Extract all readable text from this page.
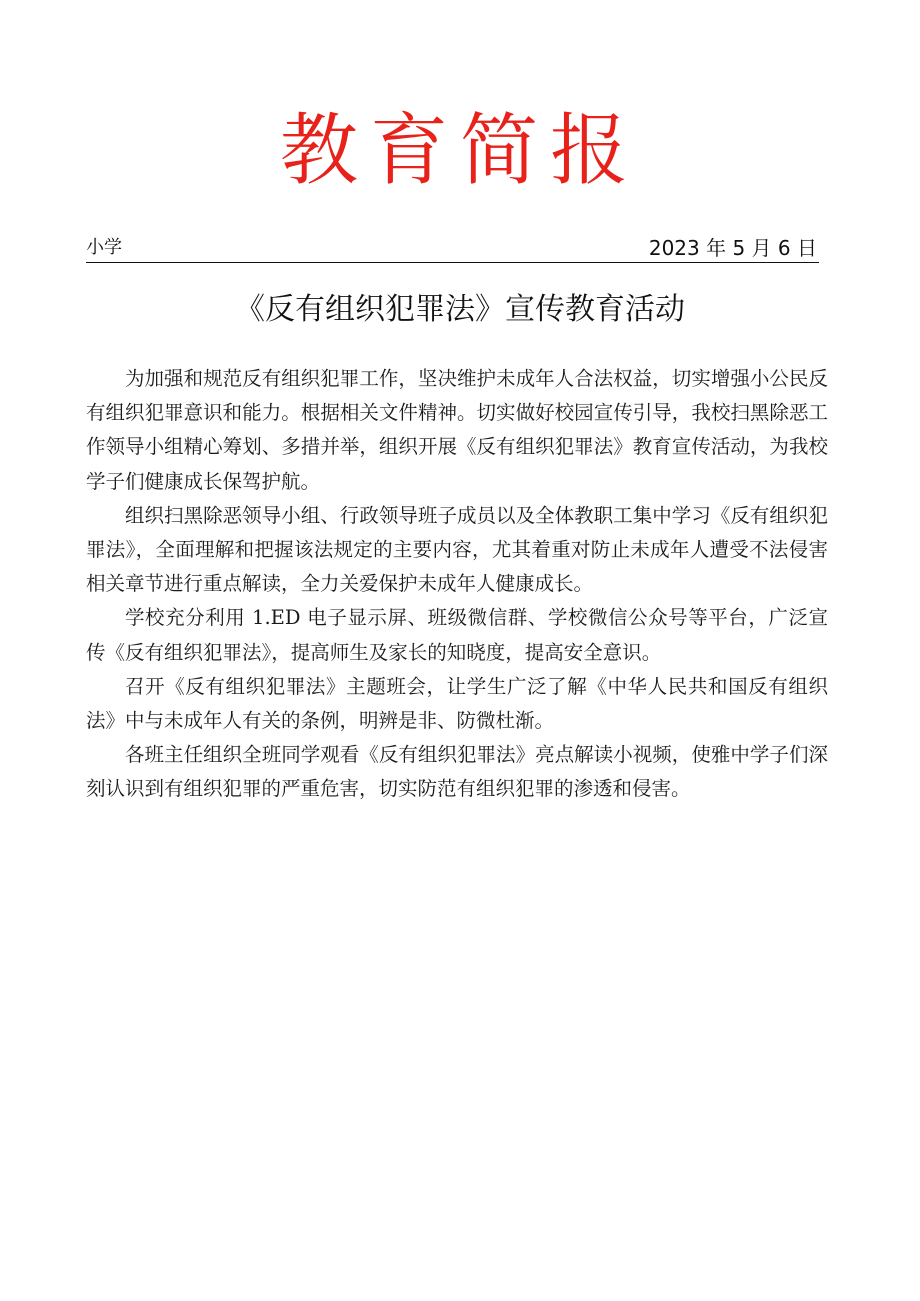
教育简报
小学	2023 年 5 月 6 日
《反有组织犯罪法》宣传教育活动

为加强和规范反有组织犯罪工作，坚决维护未成年人合法权益，切实增强小公民反有组织犯罪意识和能力。根据相关文件精神。切实做好校园宣传引导，我校扫黑除恶工作领导小组精心筹划、多措并举，组织开展《反有组织犯罪法》教育宣传活动，为我校学子们健康成长保驾护航。

组织扫黑除恶领导小组、行政领导班子成员以及全体教职工集中学习《反有组织犯罪法》，全面理解和把握该法规定的主要内容，尤其着重对防止未成年人遭受不法侵害相关章节进行重点解读，全力关爱保护未成年人健康成长。

学校充分利用 1.ED 电子显示屏、班级微信群、学校微信公众号等平台，广泛宣传《反有组织犯罪法》，提高师生及家长的知晓度，提高安全意识。

召开《反有组织犯罪法》主题班会，让学生广泛了解《中华人民共和国反有组织法》中与未成年人有关的条例，明辨是非、防微杜渐。

各班主任组织全班同学观看《反有组织犯罪法》亮点解读小视频，使雅中学子们深刻认识到有组织犯罪的严重危害，切实防范有组织犯罪的渗透和侵害。
